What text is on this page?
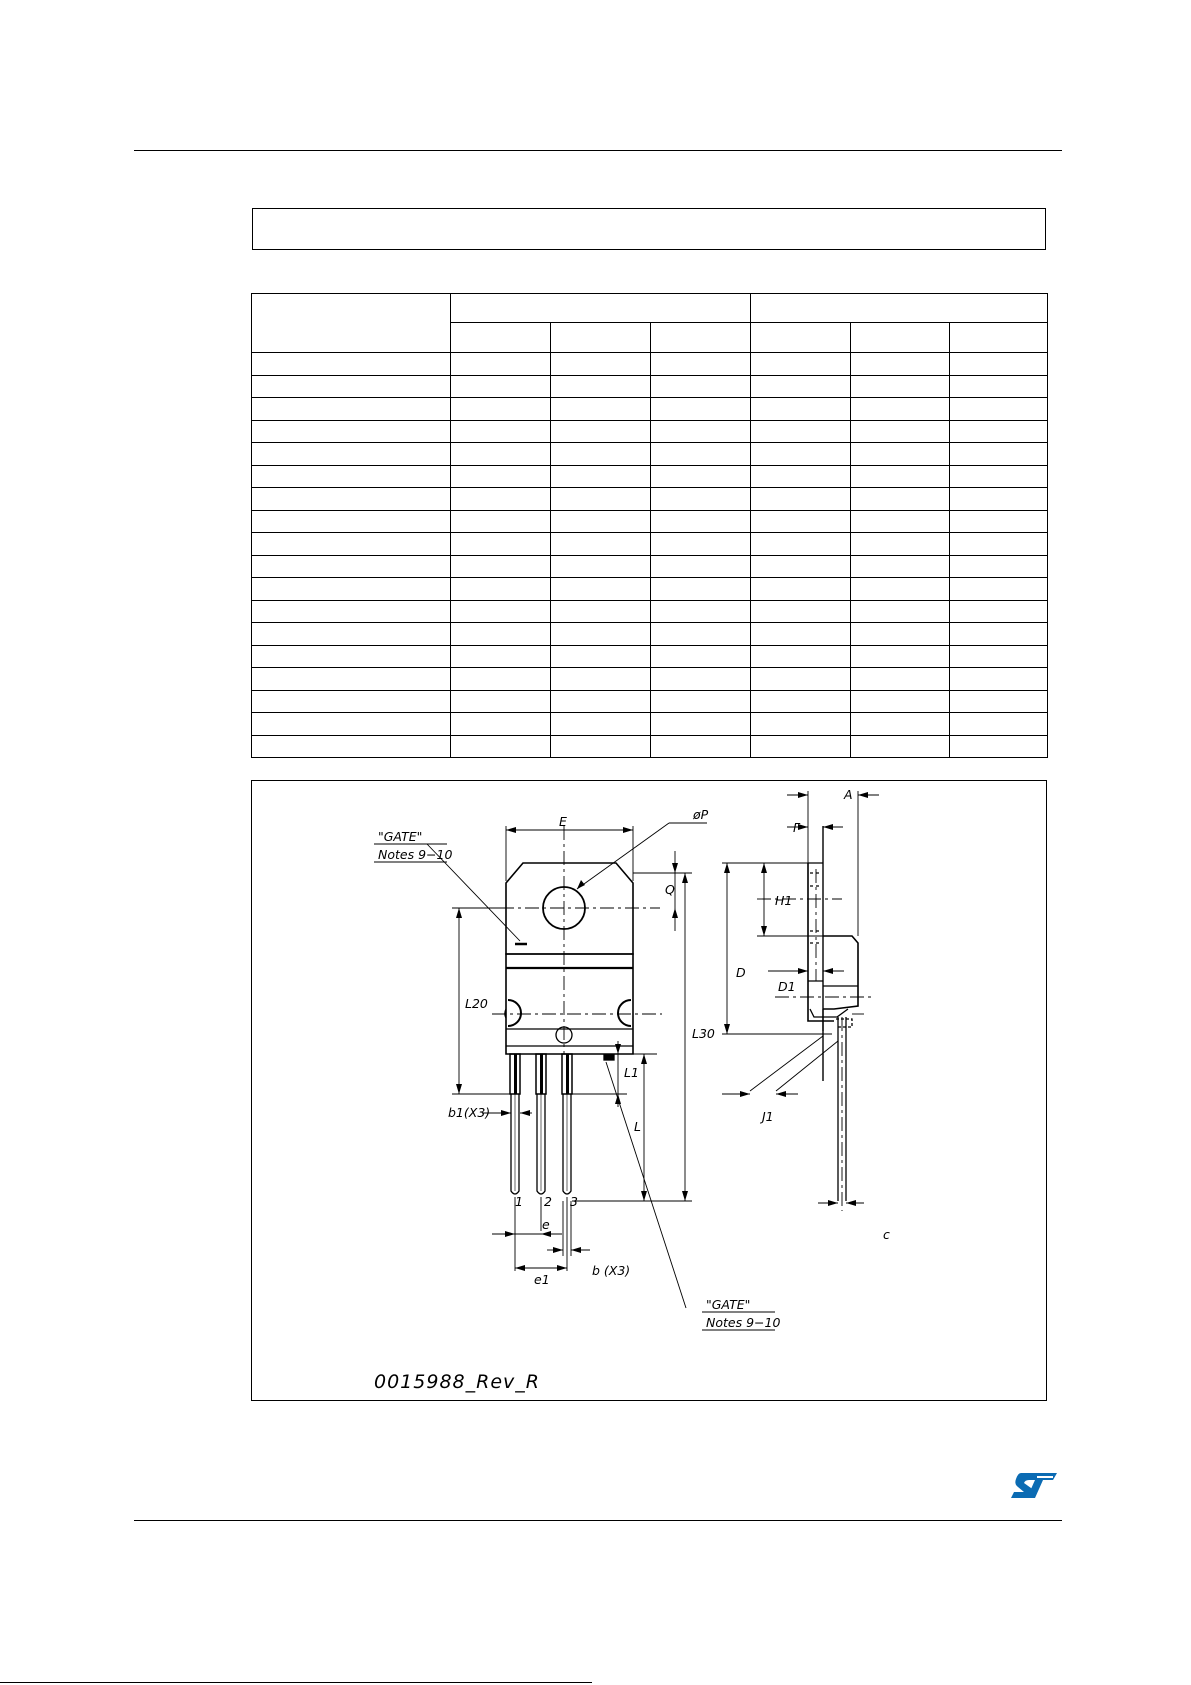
"GATE"
Notes 9−10
"GATE"
Notes 9−10
E	øP
Q
L20
L30
L1
L
b1(X3)
b (X3)
e
e1
1 2 3
A
F
H1
D
D1
J1
c
0015988_Rev_R
